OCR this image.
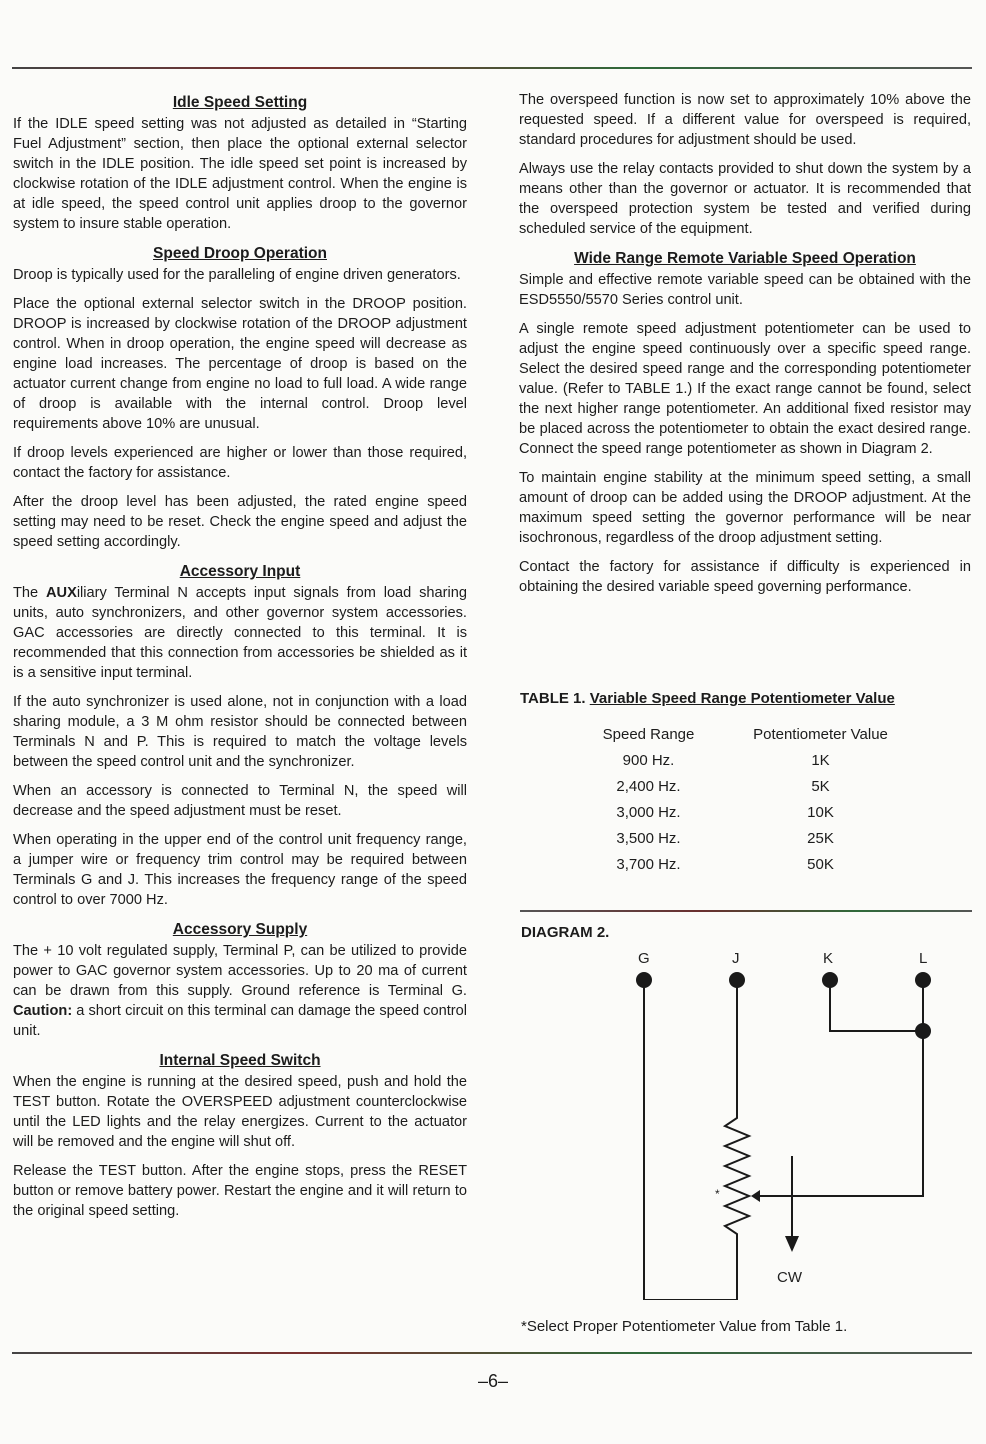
Idle Speed Setting

If the IDLE speed setting was not adjusted as detailed in “Starting Fuel Adjustment” section, then place the optional external selector switch in the IDLE position. The idle speed set point is increased by clockwise rotation of the IDLE adjustment control. When the engine is at idle speed, the speed control unit applies droop to the governor system to insure stable operation.

Speed Droop Operation

Droop is typically used for the paralleling of engine driven generators.

Place the optional external selector switch in the DROOP position. DROOP is increased by clockwise rotation of the DROOP adjustment control. When in droop operation, the engine speed will decrease as engine load increases. The percentage of droop is based on the actuator current change from engine no load to full load. A wide range of droop is available with the internal control. Droop level requirements above 10% are unusual.

If droop levels experienced are higher or lower than those required, contact the factory for assistance.

After the droop level has been adjusted, the rated engine speed setting may need to be reset. Check the engine speed and adjust the speed setting accordingly.

Accessory Input

The AUXiliary Terminal N accepts input signals from load sharing units, auto synchronizers, and other governor system accessories. GAC accessories are directly connected to this terminal. It is recommended that this connection from accessories be shielded as it is a sensitive input terminal.

If the auto synchronizer is used alone, not in conjunction with a load sharing module, a 3 M ohm resistor should be connected between Terminals N and P. This is required to match the voltage levels between the speed control unit and the synchronizer.

When an accessory is connected to Terminal N, the speed will decrease and the speed adjustment must be reset.

When operating in the upper end of the control unit frequency range, a jumper wire or frequency trim control may be required between Terminals G and J. This increases the frequency range of the speed control to over 7000 Hz.

Accessory Supply

The + 10 volt regulated supply, Terminal P, can be utilized to provide power to GAC governor system accessories. Up to 20 ma of current can be drawn from this supply. Ground reference is Terminal G. Caution: a short circuit on this terminal can damage the speed control unit.

Internal Speed Switch

When the engine is running at the desired speed, push and hold the TEST button. Rotate the OVERSPEED adjustment counterclockwise until the LED lights and the relay energizes. Current to the actuator will be removed and the engine will shut off.

Release the TEST button. After the engine stops, press the RESET button or remove battery power. Restart the engine and it will return to the original speed setting.

The overspeed function is now set to approximately 10% above the requested speed. If a different value for overspeed is required, standard procedures for adjustment should be used.

Always use the relay contacts provided to shut down the system by a means other than the governor or actuator. It is recommended that the overspeed protection system be tested and verified during scheduled service of the equipment.

Wide Range Remote Variable Speed Operation

Simple and effective remote variable speed can be obtained with the ESD5550/5570 Series control unit.

A single remote speed adjustment potentiometer can be used to adjust the engine speed continuously over a specific speed range. Select the desired speed range and the corresponding potentiometer value. (Refer to TABLE 1.) If the exact range cannot be found, select the next higher range potentiometer. An additional fixed resistor may be placed across the potentiometer to obtain the exact desired range. Connect the speed range potentiometer as shown in Diagram 2.

To maintain engine stability at the minimum speed setting, a small amount of droop can be added using the DROOP adjustment. At the maximum speed setting the governor performance will be near isochronous, regardless of the droop adjustment setting.

Contact the factory for assistance if difficulty is experienced in obtaining the desired variable speed governing performance.

TABLE 1. Variable Speed Range Potentiometer Value
Speed Range	Potentiometer Value
900 Hz.	1K
2,400 Hz.	5K
3,000 Hz.	10K
3,500 Hz.	25K
3,700 Hz.	50K
DIAGRAM 2.
G	J	K	L
CW
*
*Select Proper Potentiometer Value from Table 1.
–6–
